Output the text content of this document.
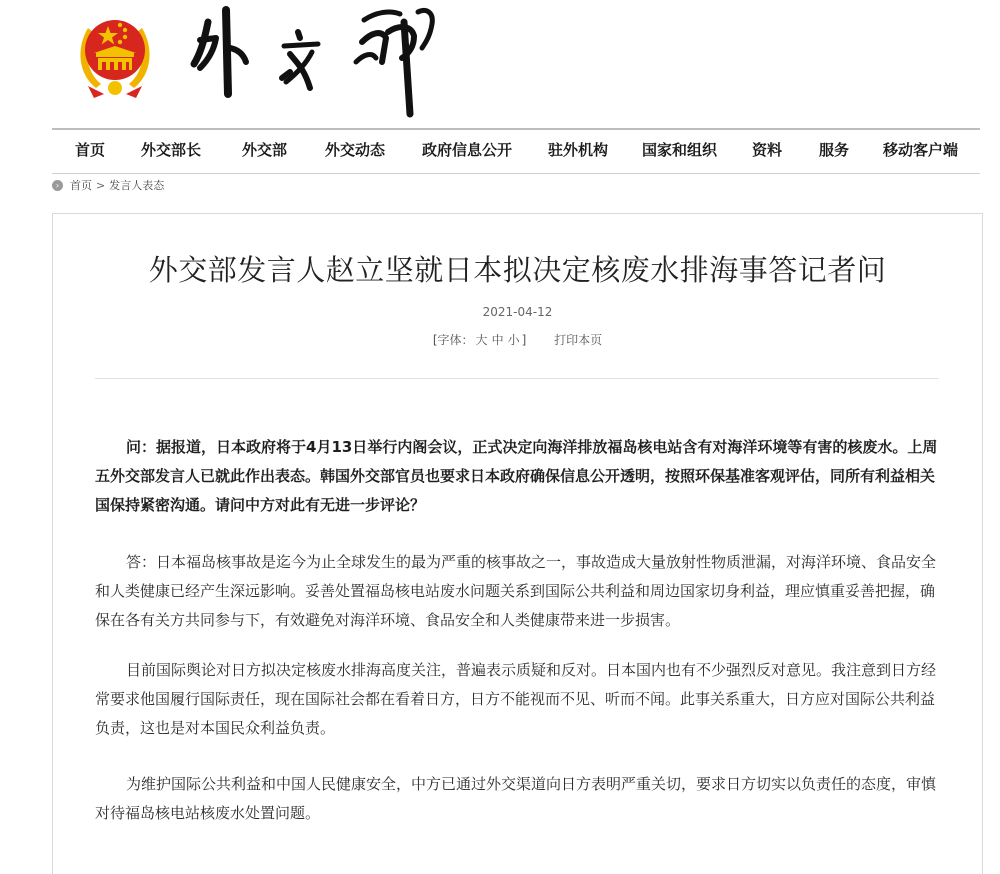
首页 外交部长	外交部	外交动态 政府信息公开 驻外机构 国家和组织 资料 服务 移动客户端
› 首页 > 发言人表态
外交部发言人赵立坚就日本拟决定核废水排海事答记者问
2021-04-12
[字体： 大 中 小 ] 打印本页

问：据报道，日本政府将于4月13日举行内阁会议，正式决定向海洋排放福岛核电站含有对海洋环境等有害的核废水。上周五外交部发言人已就此作出表态。韩国外交部官员也要求日本政府确保信息公开透明，按照环保基准客观评估，同所有利益相关国保持紧密沟通。请问中方对此有无进一步评论？

答：日本福岛核事故是迄今为止全球发生的最为严重的核事故之一，事故造成大量放射性物质泄漏，对海洋环境、食品安全和人类健康已经产生深远影响。妥善处置福岛核电站废水问题关系到国际公共利益和周边国家切身利益，理应慎重妥善把握，确保在各有关方共同参与下，有效避免对海洋环境、食品安全和人类健康带来进一步损害。

目前国际舆论对日方拟决定核废水排海高度关注，普遍表示质疑和反对。日本国内也有不少强烈反对意见。我注意到日方经常要求他国履行国际责任，现在国际社会都在看着日方，日方不能视而不见、听而不闻。此事关系重大，日方应对国际公共利益负责，这也是对本国民众利益负责。

为维护国际公共利益和中国人民健康安全，中方已通过外交渠道向日方表明严重关切，要求日方切实以负责任的态度，审慎对待福岛核电站核废水处置问题。
